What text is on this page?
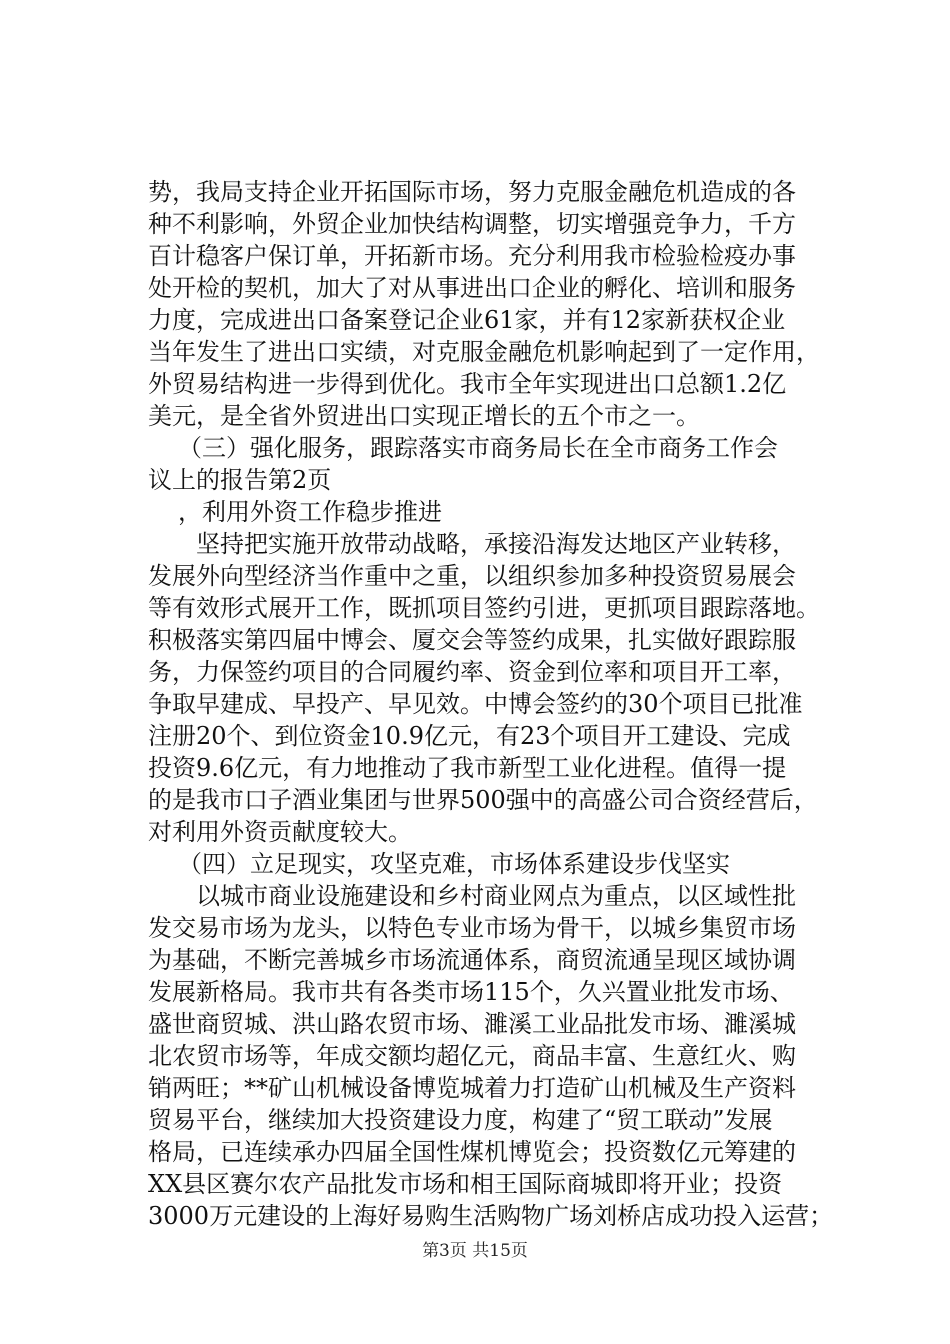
势，我局支持企业开拓国际市场，努力克服金融危机造成的各
种不利影响，外贸企业加快结构调整，切实增强竞争力，千方
百计稳客户保订单，开拓新市场。充分利用我市检验检疫办事
处开检的契机，加大了对从事进出口企业的孵化、培训和服务
力度，完成进出口备案登记企业61家，并有12家新获权企业
当年发生了进出口实绩，对克服金融危机影响起到了一定作用，
外贸易结构进一步得到优化。我市全年实现进出口总额1.2亿
美元，是全省外贸进出口实现正增长的五个市之一。
（三）强化服务，跟踪落实市商务局长在全市商务工作会
议上的报告第2页
，利用外资工作稳步推进
坚持把实施开放带动战略，承接沿海发达地区产业转移，
发展外向型经济当作重中之重，以组织参加多种投资贸易展会
等有效形式展开工作，既抓项目签约引进，更抓项目跟踪落地。
积极落实第四届中博会、厦交会等签约成果，扎实做好跟踪服
务，力保签约项目的合同履约率、资金到位率和项目开工率，
争取早建成、早投产、早见效。中博会签约的30个项目已批准
注册20个、到位资金10.9亿元，有23个项目开工建设、完成
投资9.6亿元，有力地推动了我市新型工业化进程。值得一提
的是我市口子酒业集团与世界500强中的高盛公司合资经营后，
对利用外资贡献度较大。
（四）立足现实，攻坚克难，市场体系建设步伐坚实
以城市商业设施建设和乡村商业网点为重点，以区域性批
发交易市场为龙头，以特色专业市场为骨干，以城乡集贸市场
为基础，不断完善城乡市场流通体系，商贸流通呈现区域协调
发展新格局。我市共有各类市场115个，久兴置业批发市场、
盛世商贸城、洪山路农贸市场、濉溪工业品批发市场、濉溪城
北农贸市场等，年成交额均超亿元，商品丰富、生意红火、购
销两旺；**矿山机械设备博览城着力打造矿山机械及生产资料
贸易平台，继续加大投资建设力度，构建了“贸工联动”发展
格局，已连续承办四届全国性煤机博览会；投资数亿元筹建的
XX县区赛尔农产品批发市场和相王国际商城即将开业；投资
3000万元建设的上海好易购生活购物广场刘桥店成功投入运营；
第3页 共15页
